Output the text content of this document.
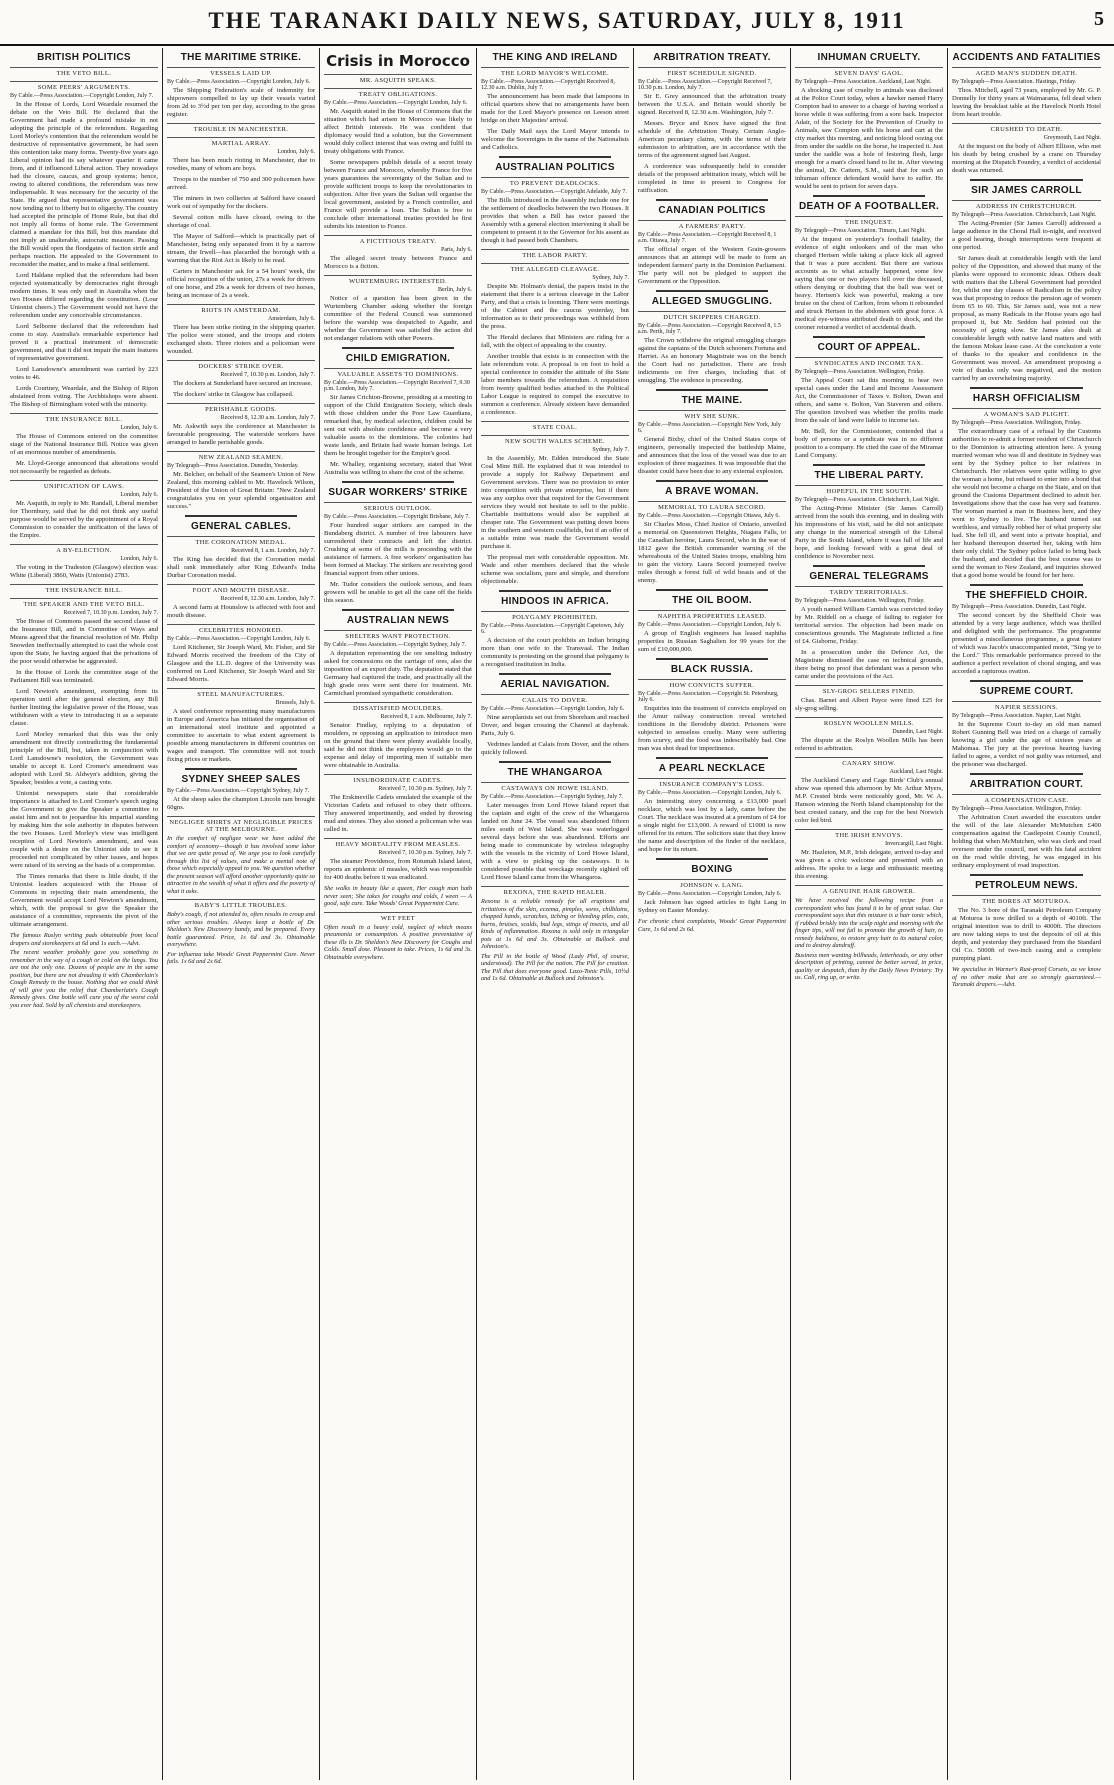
THE TARANAKI DAILY NEWS, SATURDAY, JULY 8, 1911	5
BRITISH POLITICS
THE VETO BILL.
SOME PEERS' ARGUMENTS.
By Cable.—Press Association.—Copyright London, July 7.
In the House of Lords, Lord Weardale resumed the debate on the Veto Bill. He declared that the Government had made a profound mistake in not adopting the principle of the referendum. Regarding Lord Morley's contention that the referendum would be destructive of representative government, he had seen this contention take many forms. Twenty-five years ago Liberal opinion had its say whatever quarter it came from, and if influenced Liberal action. They nowadays had the closure, caucus, and group systems; hence, owing to altered conditions, the referendum was now indispensable. It was necessary for the security of the State. He argued that representative government was now tending not to liberty but to oligarchy. The country had accepted the principle of Home Rule, but that did not imply all forms of home rule. The Government claimed a mandate for this Bill, but this mandate did not imply an unalterable, autocratic measure. Passing the Bill would open the floodgates of faction strife and perhaps reaction. He appealed to the Government to reconsider the matter, and to make a final settlement.
Lord Haldane replied that the referendum had been rejected systematically by democracies right through modern times. It was only used in Australia when the two Houses differed regarding the constitution. (Lour Unionist cheers.) The Government would not have the referendum under any conceivable circumstances.
Lord Selborne declared that the referendum had come to stay. Australia's remarkable experience had proved it a practical instrument of democratic government, and that it did not impair the main features of representative government.
Lord Lansdowne's amendment was carried by 223 votes to 46.
Lords Courtney, Weardale, and the Bishop of Ripon abstained from voting. The Archbishops were absent. The Bishop of Birmingham voted with the minority.
THE INSURANCE BILL.
London, July 6.
The House of Commons entered on the committee stage of the National Insurance Bill. Notice was given of an enormous number of amendments.
Mr. Lloyd-George announced that alterations would not necessarily be regarded as defeats.
UNIFICATION OF LAWS.
London, July 6.
Mr. Asquith, in reply to Mr. Randall, Liberal member for Thornbury, said that he did not think any useful purpose would be served by the appointment of a Royal Commission to consider the unification of the laws of the Empire.
A BY-ELECTION.
London, July 6.
The voting in the Tradeston (Glasgow) election was: White (Liberal) 3860, Watts (Unionist) 2783.
THE INSURANCE BILL.
THE SPEAKER AND THE VETO BILL.
Received 7, 10.30 p.m. London, July 7.
The House of Commons passed the second clause of the Insurance Bill, and in Committee of Ways and Means agreed that the financial resolution of Mr. Philip Snowden ineffectually attempted to cast the whole cost upon the State, he having argued that the privations of the poor would otherwise be aggravated.
In the House of Lords the committee stage of the Parliament Bill was terminated.
Lord Newton's amendment, exempting from its operation until after the general election, any Bill further limiting the legislative power of the House, was withdrawn with a view to introducing it as a separate clause.
Lord Morley remarked that this was the only amendment not directly contradicting the fundamental principle of the Bill, but, taken in conjunction with Lord Lansdowne's resolution, the Government was unable to accept it. Lord Cromer's amendment was adopted with Lord St. Aldwyn's addition, giving the Speaker, besides a vote, a casting vote.
Unionist newspapers state that considerable importance is attached to Lord Cromer's speech urging the Government to give the Speaker a committee to assist him and not to jeopardise his impartial standing by making him the sole authority in disputes between the two Houses. Lord Morley's view was intelligent reception of Lord Newton's amendment, and was couple with a desire on the Unionist side to see it proceeded not complicated by other issues, and hopes were raised of its serving as the basis of a compromise.
The Times remarks that there is little doubt, if the Unionist leaders acquiesced with the House of Commons in rejecting their main amendments, the Government would accept Lord Newton's amendment, which, with the proposal to give the Speaker the assistance of a committee, represents the pivot of the ultimate arrangement.
The famous Ruslyn writing pads obtainable from local drapers and storekeepers at 6d and 1s each.—Advt.
The recent weather probably gave you something to remember in the way of a cough or cold on the lungs. You are not the only one. Dozens of people are in the same position, but there are not dreading it with Chamberlain's Cough Remedy in the house. Nothing that we could think of will give you the relief that Chamberlain's Cough Remedy gives. One bottle will cure you of the worst cold you ever had. Sold by all chemists and storekeepers.
THE MARITIME STRIKE.
VESSELS LAID UP.
By Cable.—Press Association.—Copyright London, July 6.
The Shipping Federation's scale of indemnity for shipowners compelled to lay up their vessels varied from 2d to 3½d per ton per day, according to the gross register.
TROUBLE IN MANCHESTER.
MARTIAL ARRAY.
London, July 6.
There has been much rioting in Manchester, due to rowdies, many of whom are boys.
Troops to the number of 750 and 300 policemen have arrived.
The miners in two collieries at Salford have ceased work out of sympathy for the dockers.
Several cotton mills have closed, owing to the shortage of coal.
The Mayor of Salford—which is practically part of Manchester, being only separated from it by a narrow stream, the Irwell—has placarded the borough with a warning that the Riot Act is likely to be read.
Carters in Manchester ask for a 54 hours' week, the official recognition of the union, 27s a week for drivers of one horse, and 29s a week for drivers of two horses, being an increase of 2s a week.
RIOTS IN AMSTERDAM.
Amsterdam, July 6.
There has been strike rioting in the shipping quarter. The police were stoned, and the troops and rioters exchanged shots. Three rioters and a policeman were wounded.
DOCKERS' STRIKE OVER.
Received 7, 10.30 p.m. London, July 7.
The dockers at Sunderland have secured an increase.
The dockers' strike in Glasgow has collapsed.
PERISHABLE GOODS.
Received 8, 12.30 a.m. London, July 7.
Mr. Askwith says the conference at Manchester is favourable progressing. The waterside workers have arranged to handle perishable goods.
NEW ZEALAND SEAMEN.
By Telegraph—Press Association. Dunedin, Yesterday.
Mr. Belcher, on behalf of the Seamen's Union of New Zealand, this morning cabled to Mr. Havelock Wilson, President of the Union of Great Britain: "New Zealand congratulates you on your splendid organisation and success."
GENERAL CABLES.
THE CORONATION MEDAL.
Received 8, 1 a.m. London, July 7.
The King has decided that the Coronation medal shall rank immediately after King Edward's India Durbar Coronation medal.
FOOT AND MOUTH DISEASE.
Received 8, 12.30 a.m. London, July 7.
A second farm at Hounslow is affected with foot and mouth disease.
CELEBRITIES HONORED.
By Cable.—Press Association.—Copyright London, July 6.
Lord Kitchener, Sir Joseph Ward, Mr. Fisher, and Sir Edward Morris received the freedom of the City of Glasgow and the LL.D. degree of the University was conferred on Lord Kitchener, Sir Joseph Ward and Sir Edward Morris.
STEEL MANUFACTURERS.
Brussels, July 6.
A steel conference representing many manufacturers in Europe and America has initiated the organisation of an international steel institute and appointed a committee to ascertain to what extent agreement is possible among manufacturers in different countries on wages and transport. The committee will not touch fixing prices or markets.
SYDNEY SHEEP SALES
By Cable.—Press Association.—Copyright Sydney, July 7.
At the sheep sales the champion Lincoln ram brought 60gns.
NEGLIGEE SHIRTS AT NEGLIGIBLE PRICES AT THE MELBOURNE.
In the comfort of negligee wear we have added the comfort of economy—though it has involved some labor that we are quite proud of. We urge you to look carefully through this list of values, and make a mental note of those which especially appeal to you. We question whether the present season will afford another opportunity quite so attractive in the wealth of what it offers and the poverty of what it asks.
BABY'S LITTLE TROUBLES.
Baby's cough, if not attended to, often results in croup and other serious troubles. Always keep a bottle of Dr. Sheldon's New Discovery handy, and be prepared. Every bottle guaranteed. Price, 1s 6d and 3s. Obtainable everywhere.
For influenza take Woods' Great Peppermint Cure. Never fails. 1s 6d and 2s 6d.
Crisis in Morocco
MR. ASQUITH SPEAKS.
TREATY OBLIGATIONS.
By Cable.—Press Association.—Copyright London, July 6.
Mr. Asquith stated in the House of Commons that the situation which had arisen in Morocco was likely to affect British interests. He was confident that diplomacy would find a solution, but the Government would duly collect interest that was owing and fulfil its treaty obligations with France.
Some newspapers publish details of a secret treaty between France and Morocco, whereby France for five years guarantees the sovereignty of the Sultan and to provide sufficient troops to keep the revolutionaries in subjection. After five years the Sultan will organise the local government, assisted by a French controller, and France will provide a loan. The Sultan is free to conclude other international treaties provided he first submits his intention to France.
A FICTITIOUS TREATY.
Paris, July 6.
The alleged secret treaty between France and Morocco is a fiction.
WURTEMBURG INTERESTED.
Berlin, July 6.
Notice of a question has been given in the Wurtemberg Chamber asking whether the foreign committee of the Federal Council was summoned before the warship was despatched to Agadir, and whether the Government was satisfied the action did not endanger relations with other Powers.
CHILD EMIGRATION.
VALUABLE ASSETS TO DOMINIONS.
By Cable.—Press Association.—Copyright Received 7, 9.30 p.m. London, July 7.
Sir James Crichton-Browne, presiding at a meeting in support of the Child Emigration Society, which deals with those children under the Poor Law Guardians, remarked that, by medical selection, children could be sent out with absolute confidence and become a very valuable assets to the dominions. The colonies had waste lands, and Britain had waste human beings. Let them be brought together for the Empire's good.
Mr. Whalley, organising secretary, stated that West Australia was willing to share the cost of the scheme.
SUGAR WORKERS' STRIKE
SERIOUS OUTLOOK.
By Cable.—Press Association.—Copyright Brisbane, July 7.
Four hundred sugar strikers are camped in the Bundaberg district. A number of free labourers have surrendered their contracts and left the district. Crushing at some of the mills is proceeding with the assistance of farmers. A free workers' organisation has been formed at Mackay. The strikers are receiving good financial support from other unions.
Mr. Tudor considers the outlook serious, and fears growers will be unable to get all the cane off the fields this season.
AUSTRALIAN NEWS
SHELTERS WANT PROTECTION.
By Cable.—Press Association.—Copyright Sydney, July 7.
A deputation representing the ore smelting industry asked for concessions on the carriage of ores, also the imposition of an export duty. The deputation stated that Germany had captured the trade, and practically all the high grade ores were sent there for treatment. Mr. Carmichael promised sympathetic consideration.
DISSATISFIED MOULDERS.
Received 8, 1 a.m. Melbourne, July 7.
Senator Findlay, replying to a deputation of moulders, re opposing an application to introduce men on the ground that there were plenty available locally, said he did not think the employers would go to the expense and delay of importing men if suitable men were obtainable in Australia.
INSUBORDINATE CADETS.
Received 7, 10.30 p.m. Sydney, July 7.
The Erskineville Cadets emulated the example of the Victorian Cadets and refused to obey their officers. They answered impertinently, and ended by throwing mud and stones. They also stoned a policeman who was called in.
HEAVY MORTALITY FROM MEASLES.
Received 7, 10.30 p.m. Sydney, July 7.
The steamer Providence, from Rotumah Island latest, reports an epidemic of measles, which was responsible for 400 deaths before it was eradicated.
She walks in beauty like a queen, Her cough man hath never seen; She takes for coughs and colds, I ween — A good, safe cure. Take Woods' Great Peppermint Cure.
WET FEET
Often result in a heavy cold, neglect of which means pneumonia or consumption. A positive preventative of these ills is Dr. Sheldon's New Discovery for Coughs and Colds. Small dose. Pleasant to take. Prices, 1s 6d and 3s. Obtainable everywhere.
THE KING AND IRELAND
THE LORD MAYOR'S WELCOME.
By Cable.—Press Association.—Copyright Received 8, 12.30 a.m. Dublin, July 7.
The announcement has been made that lampoons in official quarters show that no arrangements have been made for the Lord Mayor's presence on Leeson street bridge on their Majesties' arrival.
The Daily Mail says the Lord Mayor intends to welcome the Sovereigns in the name of the Nationalists and Catholics.
AUSTRALIAN POLITICS
TO PREVENT DEADLOCKS.
By Cable.—Press Association.—Copyright Adelaide, July 7.
The Bills introduced in the Assembly include one for the settlement of deadlocks between the two Houses. It provides that when a Bill has twice passed the Assembly with a general election intervening it shall be competent to present it to the Governor for his assent as though it had passed both Chambers.
THE LABOR PARTY.
THE ALLEGED CLEAVAGE.
Sydney, July 7.
Despite Mr. Holman's denial, the papers insist in the statement that there is a serious cleavage in the Labor Party, and that a crisis is looming. There were meetings of the Cabinet and the caucus yesterday, but information as to their proceedings was withheld from the press.
The Herald declares that Ministers are riding for a fall, with the object of appealing to the country.
Another trouble that exists is in connection with the late referendum vote. A proposal is on foot to hold a special conference to consider the attitude of the State labor members towards the referendum. A requisition from twenty qualified bodies attached to the Political Labor League is required to compel the executive to summon a conference. Already sixteen have demanded a conference.
STATE COAL.
NEW SOUTH WALES SCHEME.
Sydney, July 7.
In the Assembly, Mr. Edden introduced the State Coal Mine Bill. He explained that it was intended to provide a supply for Railway Department and Government services. There was no provision to enter into competition with private enterprise, but if there was any surplus over that required for the Government services they would not hesitate to sell to the public. Charitable institutions would also be supplied at cheaper rate. The Government was putting down bores in the southern and western coalfields, but if an offer of a suitable mine was made the Government would purchase it.
The proposal met with considerable opposition. Mr. Wade and other members declared that the whole scheme was socialism, pure and simple, and therefore objectionable.
HINDOOS IN AFRICA.
POLYGAMY PROHIBITED.
By Cable.—Press Association.—Copyright Capetown, July 6.
A decision of the court prohibits an Indian bringing more than one wife to the Transvaal. The Indian community is protesting on the ground that polygamy is a recognised institution in India.
AERIAL NAVIGATION.
CALAIS TO DOVER.
By Cable.—Press Association.—Copyright London, July 6.
Nine aeroplanists set out from Shoreham and reached Dover, and began crossing the Channel at daybreak. Paris, July 6.
Vedrines landed at Calais from Dover, and the others quickly followed.
THE WHANGAROA
CASTAWAYS ON HOWE ISLAND.
By Cable.—Press Association.—Copyright Sydney, July 7.
Later messages from Lord Howe Island report that the captain and eight of the crew of the Whangaroa landed on June 24. The vessel was abandoned fifteen miles south of West Island. She was waterlogged several days before she was abandoned. Efforts are being made to communicate by wireless telegraphy with the vessels in the vicinity of Lord Howe Island, with a view to picking up the castaways. It is considered possible that wreckage recently sighted off Lord Howe Island came from the Whangaroa.
REXONA, THE RAPID HEALER.
Rexona is a reliable remedy for all eruptions and irritations of the skin, eczema, pimples, sores, chilblains, chapped hands, scratches, itching or bleeding piles, cuts, burns, bruises, scalds, bad legs, stings of insects, and all kinds of inflammation. Rexona is sold only in triangular pots at 1s 6d and 3s. Obtainable at Bullock and Johnston's.
The Pill in the bottle of Wood (Lady Phil, of course, understood). The Pill for the nation. The Pill for creation. The Pill that does everyone good. Laxo-Tonic Pills, 10½d and 1s 6d. Obtainable at Bullock and Johnston's.
ARBITRATION TREATY.
FIRST SCHEDULE SIGNED.
By Cable.—Press Association.—Copyright Received 7, 10.30 p.m. London, July 7.
Sir E. Grey announced that the arbitration treaty between the U.S.A. and Britain would shortly be signed. Received 8, 12.30 a.m. Washington, July 7.
Messrs. Bryce and Knox have signed the first schedule of the Arbitration Treaty. Certain Anglo-American pecuniary claims, with the terms of their submission to arbitration, are in accordance with the terms of the agreement signed last August.
A conference was subsequently held to consider details of the proposed arbitration treaty, which will be completed in time to present to Congress for ratification.
CANADIAN POLITICS
A FARMERS' PARTY.
By Cable.—Press Association.—Copyright Received 8, 1 a.m. Ottawa, July 7.
The official organ of the Western Grain-growers announces that an attempt will be made to form an independent farmers' party in the Dominion Parliament. The party will not be pledged to support the Government or the Opposition.
ALLEGED SMUGGLING.
DUTCH SKIPPERS CHARGED.
By Cable.—Press Association.—Copyright Received 8, 1.5 a.m. Perth, July 7.
The Crown withdrew the original smuggling charges against the captains of the Dutch schooners Fortuna and Harriet. As an honorary Magistrate was on the bench the Court had no jurisdiction. There are fresh indictments on five charges, including that of smuggling. The evidence is proceeding.
THE MAINE.
WHY SHE SUNK.
By Cable.—Press Association.—Copyright New York, July 6.
General Bixby, chief of the United States corps of engineers, personally inspected the battleship Maine, and announces that the loss of the vessel was due to an explosion of three magazines. It was impossible that the disaster could have been due to any external explosion.
A BRAVE WOMAN.
MEMORIAL TO LAURA SECORD.
By Cable.—Press Association.—Copyright Ottawa, July 6.
Sir Charles Moss, Chief Justice of Ontario, unveiled a memorial on Queenstown Heights, Niagara Falls, to the Canadian heroine, Laura Secord, who in the war of 1812 gave the British commander warning of the whereabouts of the United States troops, enabling him to gain the victory. Laura Secord journeyed twelve miles through a forest full of wild beasts and of the enemy.
THE OIL BOOM.
NAPHTHA PROPERTIES LEASED.
By Cable.—Press Association.—Copyright London, July 6.
A group of English engineers has leased naphtha properties in Russian Saghalien for 99 years for the sum of £10,000,000.
BLACK RUSSIA.
HOW CONVICTS SUFFER.
By Cable.—Press Association.—Copyright St. Petersburg, July 6.
Enquiries into the treatment of convicts employed on the Amur railway construction reveal wretched conditions in the Ilerodoby district. Prisoners were subjected to senseless cruelty. Many were suffering from scurvy, and the food was indescribably bad. One man was shot dead for impertinence.
A PEARL NECKLACE
INSURANCE COMPANY'S LOSS.
By Cable.—Press Association.—Copyright London, July 6.
An interesting story concerning a £13,000 pearl necklace, which was lost by a lady, came before the Court. The necklace was insured at a premium of £4 for a single night for £13,000. A reward of £1000 is now offered for its return. The solicitors state that they know the name and description of the finder of the necklace, and hope for its return.
BOXING
JOHNSON v. LANG.
By Cable.—Press Association.—Copyright London, July 6.
Jack Johnson has signed articles to fight Lang in Sydney on Easter Monday.
For chronic chest complaints, Woods' Great Peppermint Cure, 1s 6d and 2s 6d.
INHUMAN CRUELTY.
SEVEN DAYS' GAOL.
By Telegraph—Press Association. Auckland, Last Night.
A shocking case of cruelty to animals was disclosed at the Police Court today, when a hawker named Harry Compton had to answer to a charge of having worked a horse while it was suffering from a sore back. Inspector Adair, of the Society for the Prevention of Cruelty to Animals, saw Compton with his horse and cart at the city market this morning, and noticing blood oozing out from under the saddle on the horse, he inspected it. Just under the saddle was a hole of festering flesh, large enough for a man's closed hand to lie in. After viewing the animal, Dr. Cattern, S.M., said that for such an inhuman offence defendant would have to suffer. He would be sent to prison for seven days.
DEATH OF A FOOTBALLER.
THE INQUEST.
By Telegraph—Press Association. Timaru, Last Night.
At the inquest on yesterday's football fatality, the evidence of eight onlookers and of the man who charged Hertsen while taking a place kick all agreed that it was a pure accident. But there are various accounts as to what actually happened, some few saying that one or two players fell over the deceased, others denying or doubting that the ball was wet or heavy. Hertsen's kick was powerful, making a raw bruise on the chest of Carlton, from whom it rebounded and struck Hertsen in the abdomen with great force. A medical eye-witness attributed death to shock, and the coroner returned a verdict of accidental death.
COURT OF APPEAL.
SYNDICATES AND INCOME TAX.
By Telegraph—Press Association. Wellington, Friday.
The Appeal Court sat this morning to hear two special cases under the Land and Income Assessment Act, the Commissioner of Taxes v. Bolton, Dwan and others, and same v. Bolton, Van Staveren and others. The question involved was whether the profits made from the sale of land were liable to income tax.
Mr. Bell, for the Commissioner, contended that a body of persons or a syndicate was in no different position to a company. He cited the case of the Miramar Land Company.
THE LIBERAL PARTY.
HOPEFUL IN THE SOUTH.
By Telegraph—Press Association. Christchurch, Last Night.
The Acting-Prime Minister (Sir James Carroll) arrived from the south this evening, and in dealing with his impressions of his visit, said he did not anticipate any change in the numerical strength of the Liberal Party in the South Island, where it was full of life and hope, and looking forward with a great deal of confidence to November next.
GENERAL TELEGRAMS
TARDY TERRITORIALS.
By Telegraph—Press Association. Wellington, Friday.
A youth named William Carnish was convicted today by Mr. Riddell on a charge of failing to register for territorial service. The objection had been made on conscientious grounds. The Magistrate inflicted a fine of £4. Gisborne, Friday.
In a prosecution under the Defence Act, the Magistrate dismissed the case on technical grounds, there being no proof that defendant was a person who came under the provisions of the Act.
SLY-GROG SELLERS FINED.
Chas. Barnet and Albert Payce were fined £25 for sly-grog selling.
ROSLYN WOOLLEN MILLS.
Dunedin, Last Night.
The dispute at the Roslyn Woollen Mills has been referred to arbitration.
CANARY SHOW.
Auckland, Last Night.
The Auckland Canary and Cage Birds' Club's annual show was opened this afternoon by Mr. Arthur Myers, M.P. Crested birds were noticeably good, Mr. W. A. Hanson winning the North Island championship for the best crested canary, and the cup for the best Norwich color fed bird.
THE IRISH ENVOYS.
Invercargill, Last Night.
Mr. Hazleton, M.P., Irish delegate, arrived to-day and was given a civic welcome and presented with an address. He spoke to a large and enthusiastic meeting this evening.
A GENUINE HAIR GROWER.
We have received the following recipe from a correspondent who has found it to be of great value. Our correspondent says that this mixture is a hair tonic which, if rubbed briskly into the scalp night and morning with the finger tips, will not fail to promote the growth of hair, to remedy baldness, to restore grey hair to its natural color, and to destroy dandruff.
Business men wanting billheads, letterheads, or any other description of printing, cannot be better served, in price, quality or despatch, than by the Daily News Printery. Try us. Call, ring up, or write.
ACCIDENTS AND FATALITIES
AGED MAN'S SUDDEN DEATH.
By Telegraph—Press Association. Hastings, Friday.
Thos. Mitchell, aged 73 years, employed by Mr. G. P. Donnelly for thirty years at Waimarama, fell dead when leaving the breakfast table at the Havelock North Hotel from heart trouble.
CRUSHED TO DEATH.
Greymouth, Last Night.
At the inquest on the body of Albert Ellison, who met his death by being crushed by a crane on Thursday morning at the Dispatch Foundry, a verdict of accidental death was returned.
SIR JAMES CARROLL
ADDRESS IN CHRISTCHURCH.
By Telegraph—Press Association. Christchurch, Last Night.
The Acting-Premier (Sir James Carroll) addressed a large audience in the Choral Hall to-night, and received a good hearing, though interruptions were frequent at one period.
Sir James dealt at considerable length with the land policy of the Opposition, and showed that many of the planks were opposed to economic ideas. Others dealt with matters that the Liberal Government had provided for, whilst one day classes of Radicalism in the policy was that proposing to reduce the pension age of women from 65 to 60. This, Sir James said, was not a new proposal, as many Radicals in the House years ago had proposed it, but Mr. Seddon had pointed out the necessity of going slow. Sir James also dealt at considerable length with native land matters and with the famous Mokau lease case. At the conclusion a vote of thanks to the speaker and confidence in the Government was moved. An amendment proposing a vote of thanks only was negatived, and the motion carried by an overwhelming majority.
HARSH OFFICIALISM
A WOMAN'S SAD PLIGHT.
By Telegraph—Press Association. Wellington, Friday.
The extraordinary case of a refusal by the Customs authorities to re-admit a former resident of Christchurch to the Dominion is attracting attention here. A young married woman who was ill and destitute in Sydney was sent by the Sydney police to her relatives in Christchurch. Her relatives were quite willing to give the woman a home, but refused to enter into a bond that she would not become a charge on the State, and on that ground the Customs Department declined to admit her. Investigations show that the case has very sad features. The woman married a man in Business here, and they went to Sydney to live. The husband turned out worthless, and virtually robbed her of what property she had. She fell ill, and went into a private hospital, and her husband thereupon deserted her, taking with him their only child. The Sydney police failed to bring back the husband, and decided that the best course was to send the woman to New Zealand, and inquiries showed that a good home would be found for her here.
THE SHEFFIELD CHOIR.
By Telegraph—Press Association. Dunedin, Last Night.
The second concert by the Sheffield Choir was attended by a very large audience, which was thrilled and delighted with the performance. The programme presented a miscellaneous programme, a great feature of which was Jacob's unaccompanied motet, "Sing ye to the Lord." This remarkable performance proved to the audience a perfect revelation of choral singing, and was accorded a rapturous ovation.
SUPREME COURT.
NAPIER SESSIONS.
By Telegraph—Press Association. Napier, Last Night.
In the Supreme Court to-day an old man named Robert Gunning Bell was tried on a charge of carnally knowing a girl under the age of sixteen years at Mahomaa. The jury at the previous hearing having failed to agree, a verdict of not guilty was returned, and the prisoner was discharged.
ARBITRATION COURT.
A COMPENSATION CASE.
By Telegraph—Press Association. Wellington, Friday.
The Arbitration Court awarded the executors under the will of the late Alexander McMutchen £400 compensation against the Castlepoint County Council, holding that when McMutchen, who was clerk and road overseer under the council, met with his fatal accident on the road while driving, he was engaged in his ordinary employment of road inspection.
PETROLEUM NEWS.
THE BORES AT MOTUROA.
The No. 3 bore of the Taranaki Petroleum Company at Moturoa is now drilled to a depth of 4010ft. The original intention was to drill to 4000ft. The directors are now taking steps to test the deposits of oil at this depth, and yesterday they purchased from the Standard Oil Co. 5000ft of two-inch casing and a complete pumping plant.
We specialise in Warner's Rust-proof Corsets, as we know of no other make that are so strongly guaranteed.—Taranaki drapers.—Advt.
